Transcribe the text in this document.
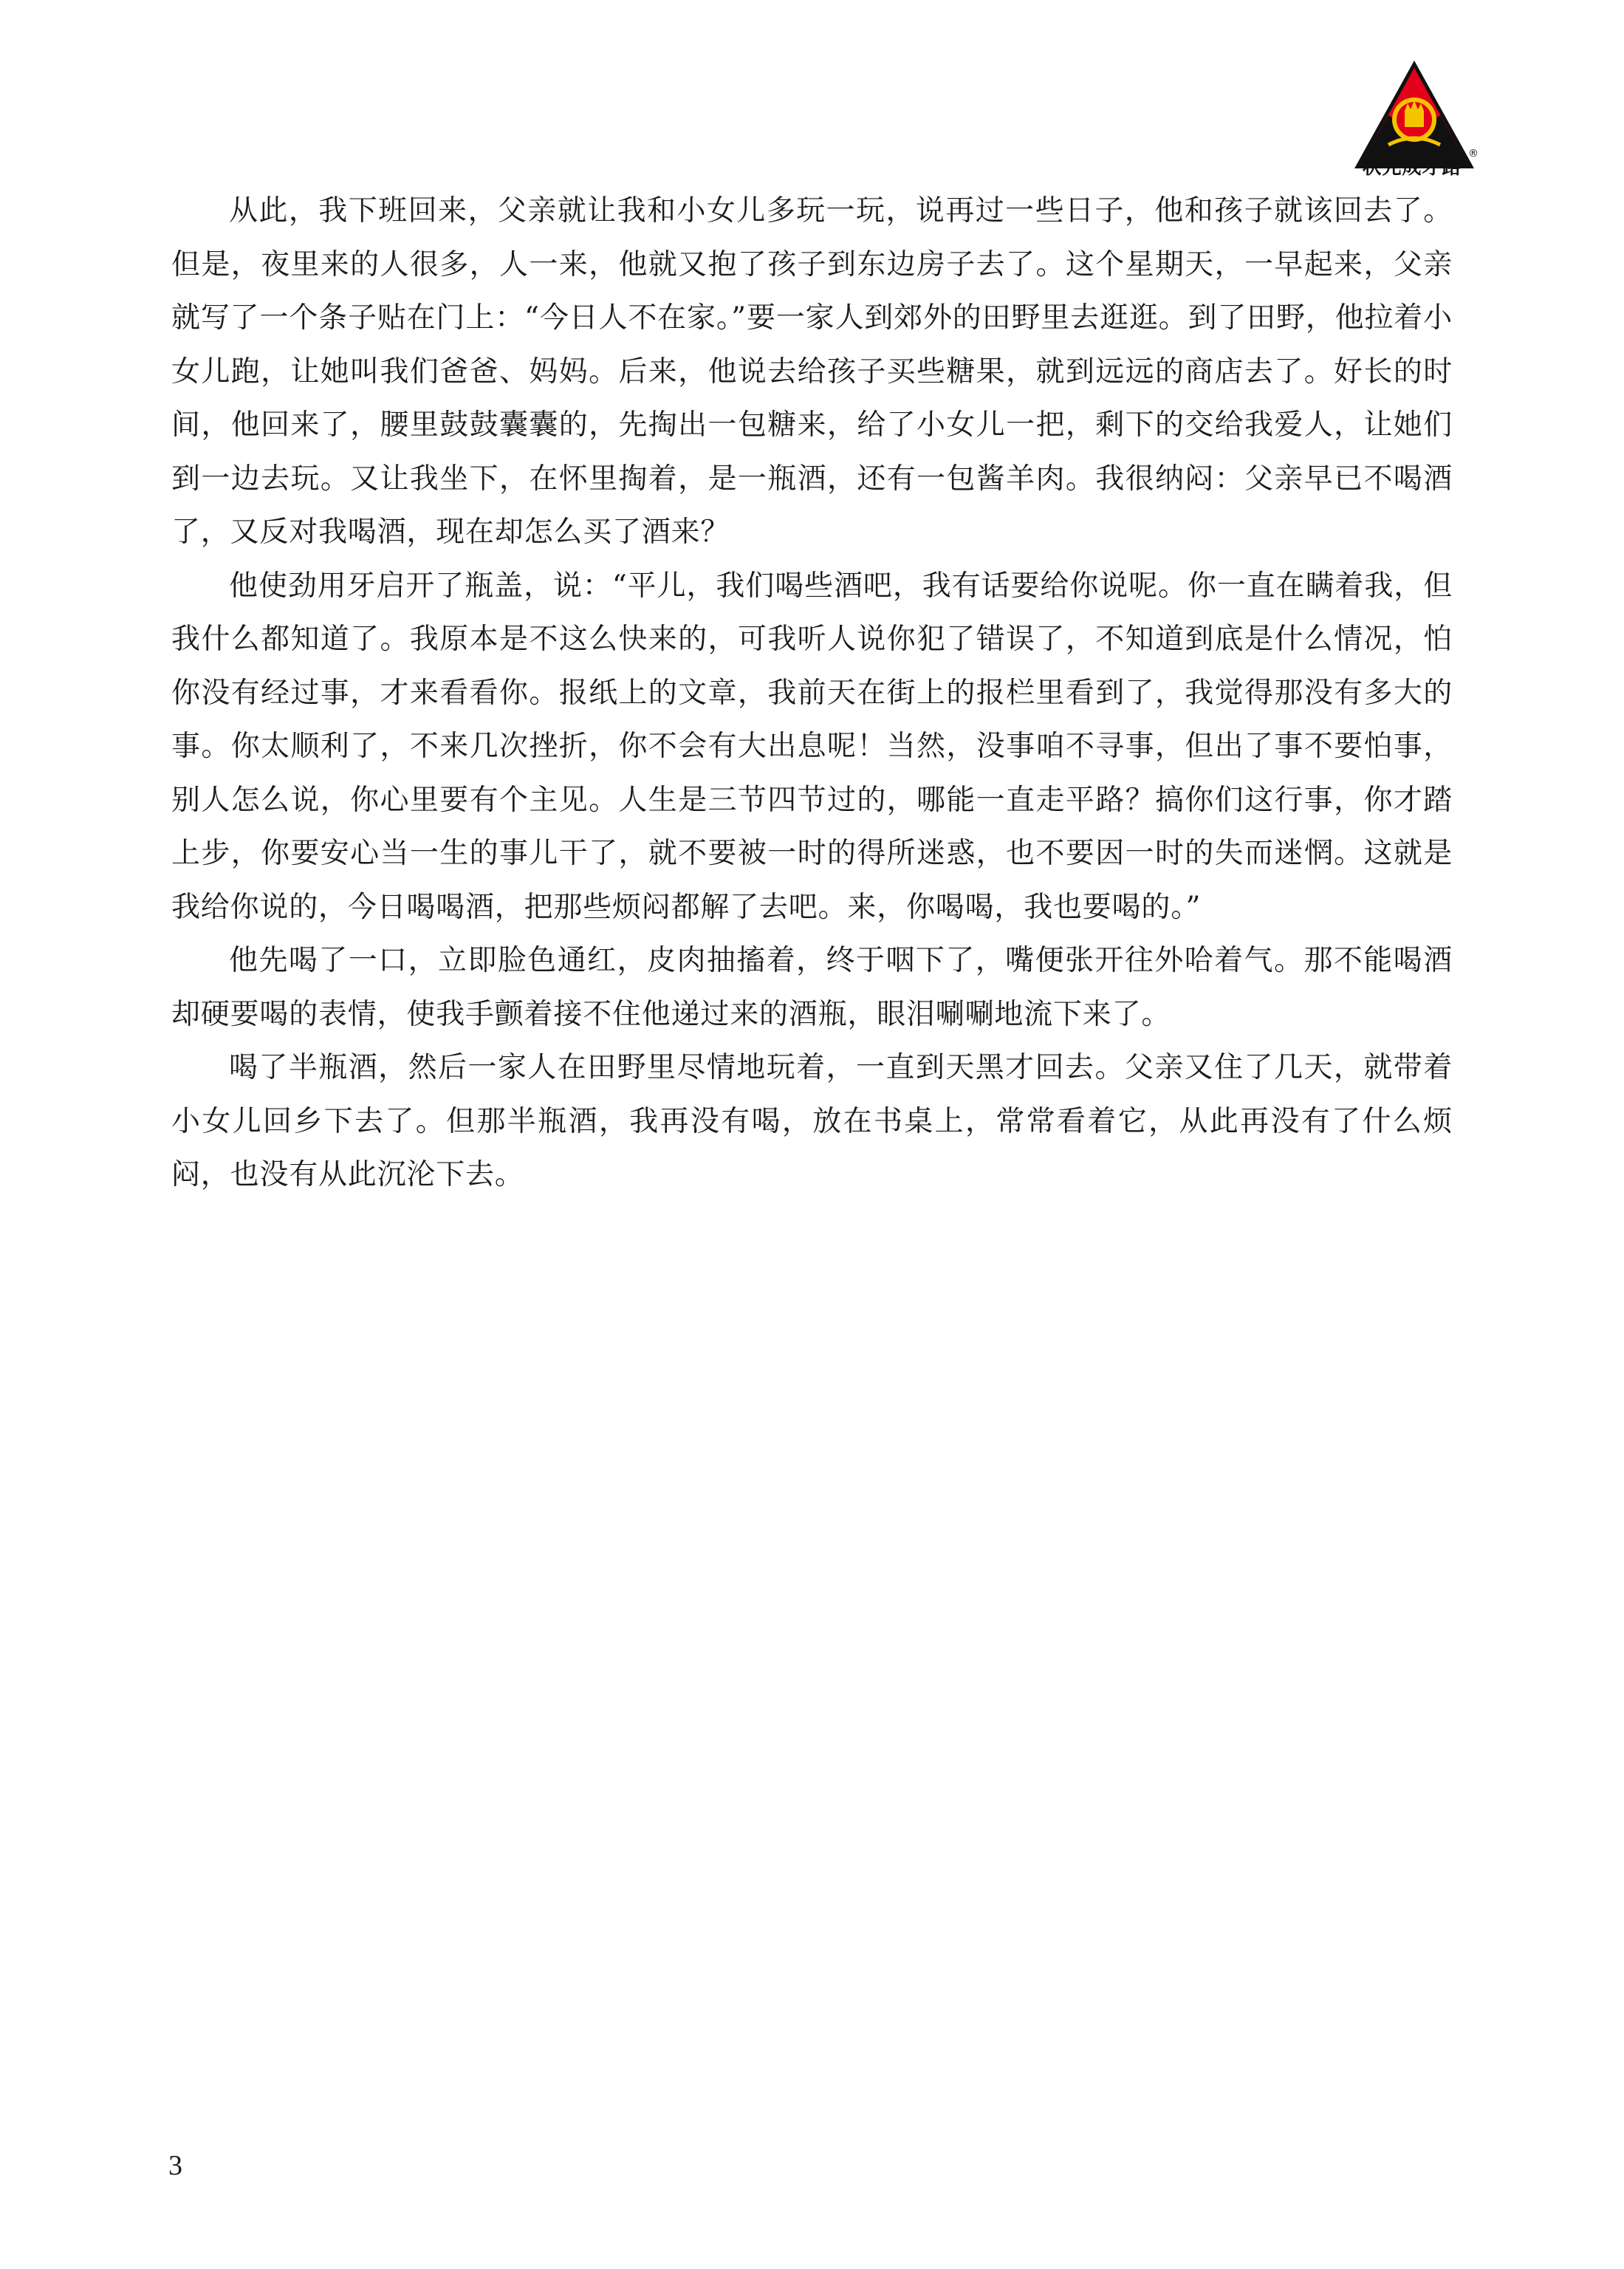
状元成才路
®

从此，我下班回来，父亲就让我和小女儿多玩一玩，说再过一些日子，他和孩子就该回去了。但是，夜里来的人很多，人一来，他就又抱了孩子到东边房子去了。这个星期天，一早起来，父亲就写了一个条子贴在门上：“今日人不在家。”要一家人到郊外的田野里去逛逛。到了田野，他拉着小女儿跑，让她叫我们爸爸、妈妈。后来，他说去给孩子买些糖果，就到远远的商店去了。好长的时间，他回来了，腰里鼓鼓囊囊的，先掏出一包糖来，给了小女儿一把，剩下的交给我爱人，让她们到一边去玩。又让我坐下，在怀里掏着，是一瓶酒，还有一包酱羊肉。我很纳闷：父亲早已不喝酒了，又反对我喝酒，现在却怎么买了酒来？

他使劲用牙启开了瓶盖，说：“平儿，我们喝些酒吧，我有话要给你说呢。你一直在瞒着我，但我什么都知道了。我原本是不这么快来的，可我听人说你犯了错误了，不知道到底是什么情况，怕你没有经过事，才来看看你。报纸上的文章，我前天在街上的报栏里看到了，我觉得那没有多大的事。你太顺利了，不来几次挫折，你不会有大出息呢！当然，没事咱不寻事，但出了事不要怕事，别人怎么说，你心里要有个主见。人生是三节四节过的，哪能一直走平路？搞你们这行事，你才踏上步，你要安心当一生的事儿干了，就不要被一时的得所迷惑，也不要因一时的失而迷惘。这就是我给你说的，今日喝喝酒，把那些烦闷都解了去吧。来，你喝喝，我也要喝的。”

他先喝了一口，立即脸色通红，皮肉抽搐着，终于咽下了，嘴便张开往外哈着气。那不能喝酒却硬要喝的表情，使我手颤着接不住他递过来的酒瓶，眼泪唰唰地流下来了。

喝了半瓶酒，然后一家人在田野里尽情地玩着，一直到天黑才回去。父亲又住了几天，就带着小女儿回乡下去了。但那半瓶酒，我再没有喝，放在书桌上，常常看着它，从此再没有了什么烦闷，也没有从此沉沦下去。

3
